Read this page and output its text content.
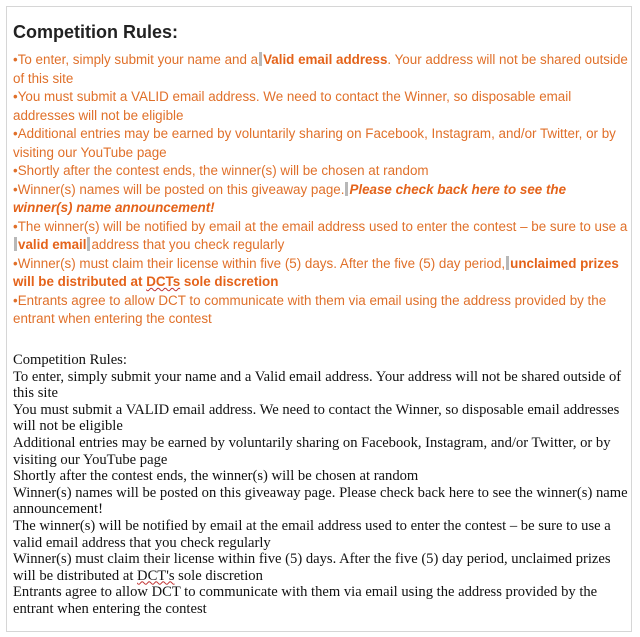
Competition Rules:

•To enter, simply submit your name and a Valid email address. Your address will not be shared outside of this site

•You must submit a VALID email address. We need to contact the Winner, so disposable email addresses will not be eligible

•Additional entries may be earned by voluntarily sharing on Facebook, Instagram, and/or Twitter, or by visiting our YouTube page

•Shortly after the contest ends, the winner(s) will be chosen at random

•Winner(s) names will be posted on this giveaway page. Please check back here to see the winner(s) name announcement!

•The winner(s) will be notified by email at the email address used to enter the contest – be sure to use avalid email address that you check regularly

•Winner(s) must claim their license within five (5) days. After the five (5) day period, unclaimed prizes will be distributed at DCTs sole discretion

•Entrants agree to allow DCT to communicate with them via email using the address provided by the entrant when entering the contest

Competition Rules:

To enter, simply submit your name and a Valid email address. Your address will not be shared outside of this site

You must submit a VALID email address. We need to contact the Winner, so disposable email addresses will not be eligible

Additional entries may be earned by voluntarily sharing on Facebook, Instagram, and/or Twitter, or by visiting our YouTube page

Shortly after the contest ends, the winner(s) will be chosen at random

Winner(s) names will be posted on this giveaway page. Please check back here to see the winner(s) name announcement!

The winner(s) will be notified by email at the email address used to enter the contest – be sure to use a valid email address that you check regularly

Winner(s) must claim their license within five (5) days. After the five (5) day period, unclaimed prizes will be distributed at DCT's sole discretion

Entrants agree to allow DCT to communicate with them via email using the address provided by the entrant when entering the contest
